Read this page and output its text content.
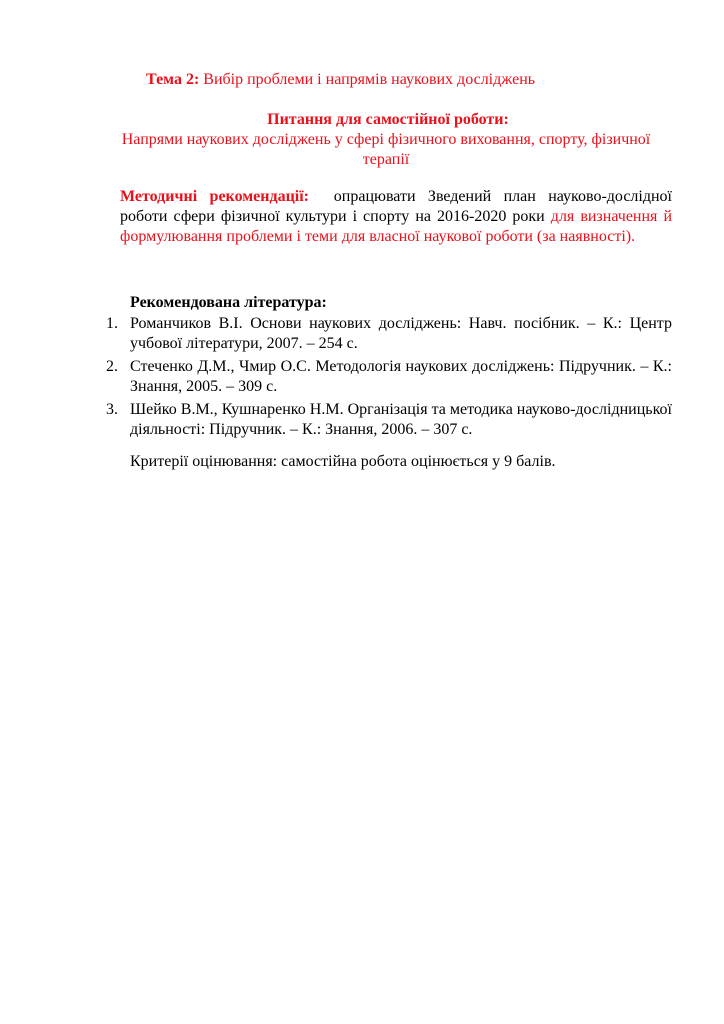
Тема 2: Вибір проблеми і напрямів наукових досліджень
Питання для самостійної роботи:
Напрями наукових досліджень у сфері фізичного виховання, спорту, фізичної терапії
Методичні рекомендації: опрацювати Зведений план науково-дослідної роботи сфери фізичної культури і спорту на 2016-2020 роки для визначення й формулювання проблеми і теми для власної наукової роботи (за наявності).
Рекомендована література:
1. Романчиков В.І. Основи наукових досліджень: Навч. посібник. – К.: Центр учбової літератури, 2007. – 254 с.
2. Стеченко Д.М., Чмир О.С. Методологія наукових досліджень: Підручник. – К.: Знання, 2005. – 309 с.
3. Шейко В.М., Кушнаренко Н.М. Організація та методика науково-дослідницької діяльності: Підручник. – К.: Знання, 2006. – 307 с.
Критерії оцінювання: самостійна робота оцінюється у 9 балів.
